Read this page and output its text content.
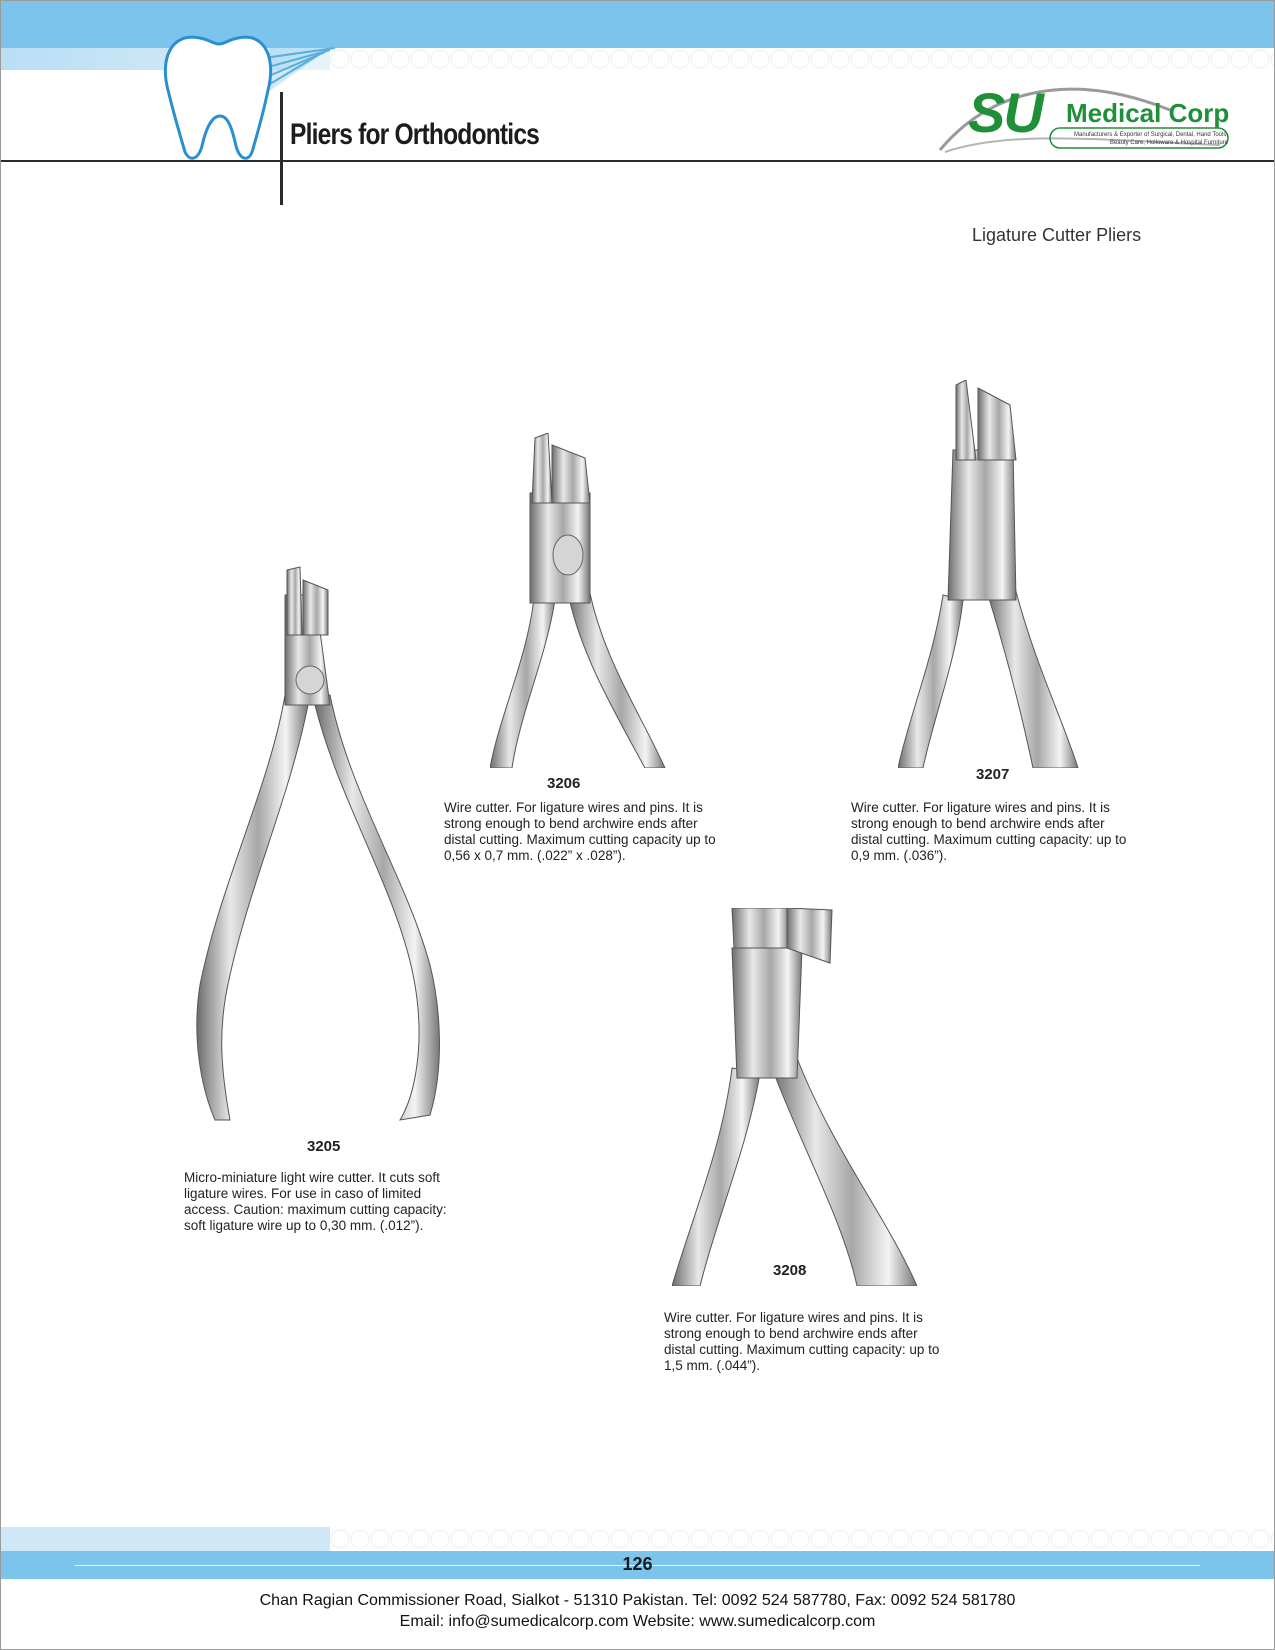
Pliers for Orthodontics	SU Medical Corp
Manufacturers & Exporter of Surgical, Dental, Hand Tools,
Beauty Care, Holloware & Hospital Furniture
Ligature Cutter Pliers
3205
Micro-miniature light wire cutter. It cuts soft
ligature wires. For use in caso of limited
access. Caution: maximum cutting capacity:
soft ligature wire up to 0,30 mm. (.012”).
3206
Wire cutter. For ligature wires and pins. It is
strong enough to bend archwire ends after
distal cutting. Maximum cutting capacity up to
0,56 x 0,7 mm. (.022” x .028”).
3207
Wire cutter. For ligature wires and pins. It is
strong enough to bend archwire ends after
distal cutting. Maximum cutting capacity: up to
0,9 mm. (.036”).
3208
Wire cutter. For ligature wires and pins. It is
strong enough to bend archwire ends after
distal cutting. Maximum cutting capacity: up to
1,5 mm. (.044”).
126
Chan Ragian Commissioner Road, Sialkot - 51310 Pakistan. Tel: 0092 524 587780, Fax: 0092 524 581780
Email: info@sumedicalcorp.com Website: www.sumedicalcorp.com
